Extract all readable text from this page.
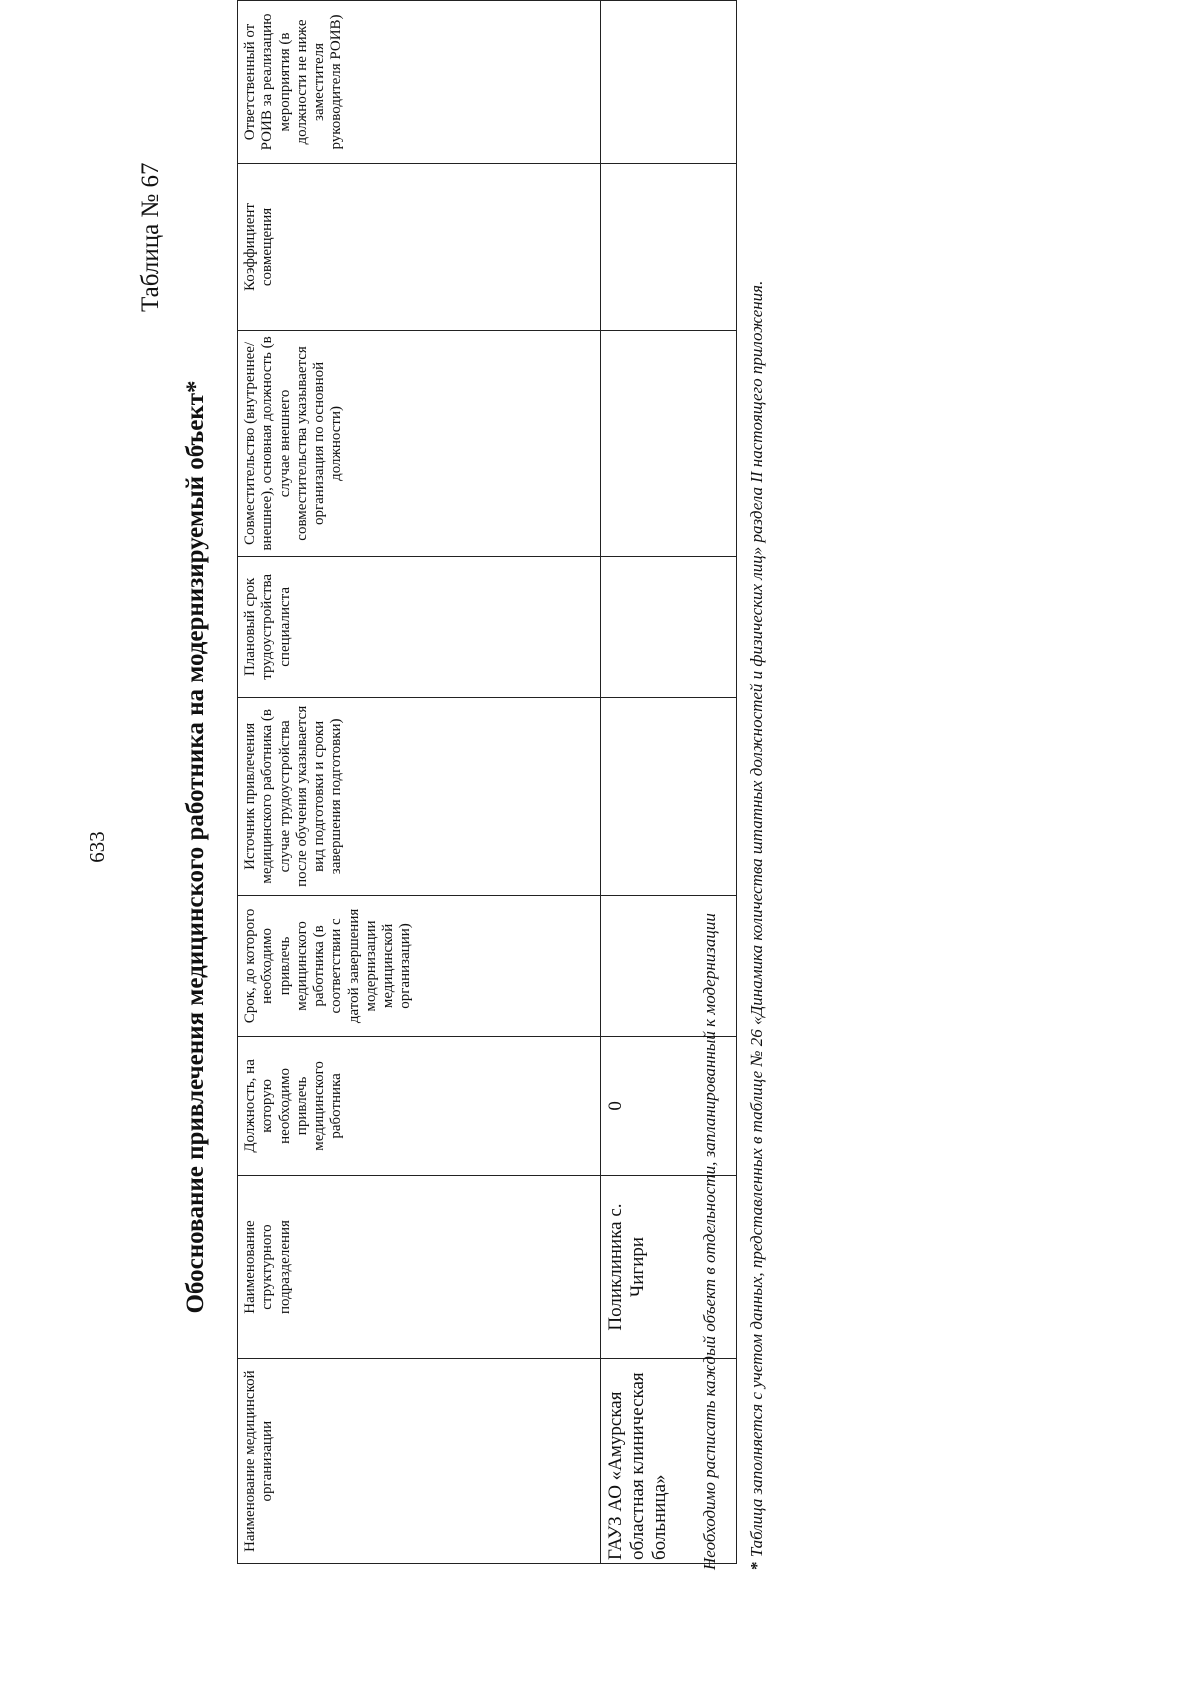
633
Таблица № 67
Обоснование привлечения медицинского работника на модернизируемый объект*
Наименование медицинской организации	Наименование структурного подразделения	Должность, на которую необходимо привлечь медицинского работника	Срок, до которого необходимо привлечь медицинского работника (в соответствии с датой завершения модернизации медицинской организации)	Источник привлечения медицинского работника (в случае трудоустройства после обучения указывается вид подготовки и сроки завершения подготовки)	Плановый срок трудоустройства специалиста	Совместительство (внутреннее/ внешнее), основная должность (в случае внешнего совместительства указывается организация по основной должности)	Коэффициент совмещения	Ответственный от РОИВ за реализацию мероприятия (в должности не ниже заместителя руководителя РОИВ)
ГАУЗ АО «Амурская областная клиническая больница»	Поликлиника с. Чигири	0							Необходимо расписать каждый объект в отдельности, запланированный к модернизации * Таблица заполняется с учетом данных, представленных в таблице № 26 «Динамика количества штатных должностей и физических лиц» раздела II настоящего приложения.
